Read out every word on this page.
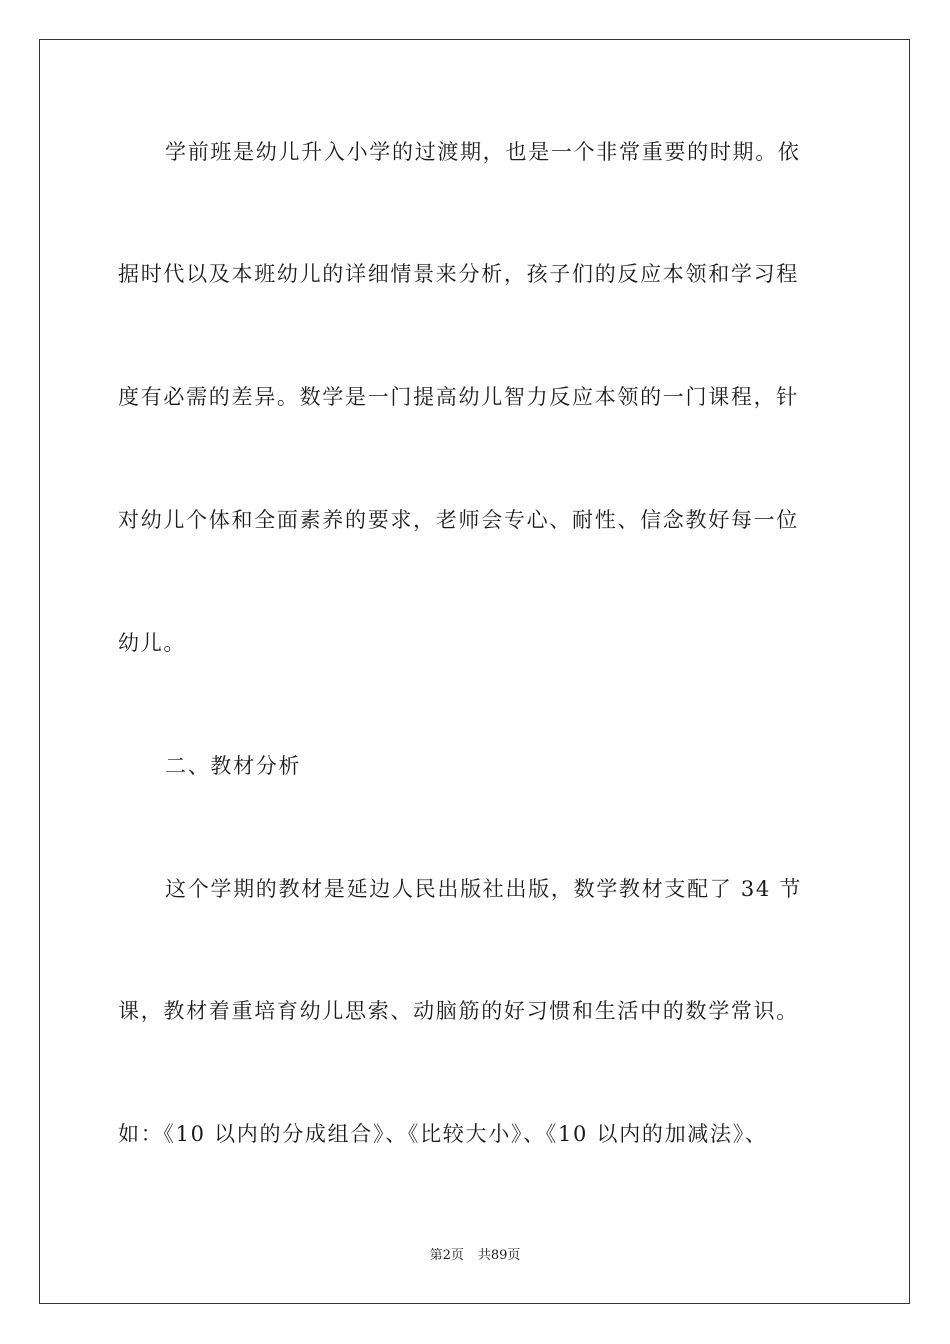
学前班是幼儿升入小学的过渡期，也是一个非常重要的时期。依

据时代以及本班幼儿的详细情景来分析，孩子们的反应本领和学习程

度有必需的差异。数学是一门提高幼儿智力反应本领的一门课程，针

对幼儿个体和全面素养的要求，老师会专心、耐性、信念教好每一位

幼儿。

二、教材分析

这个学期的教材是延边人民出版社出版，数学教材支配了 34 节

课，教材着重培育幼儿思索、动脑筋的好习惯和生活中的数学常识。

如：《10 以内的分成组合》、《比较大小》、《10 以内的加减法》、

第2页 共89页
